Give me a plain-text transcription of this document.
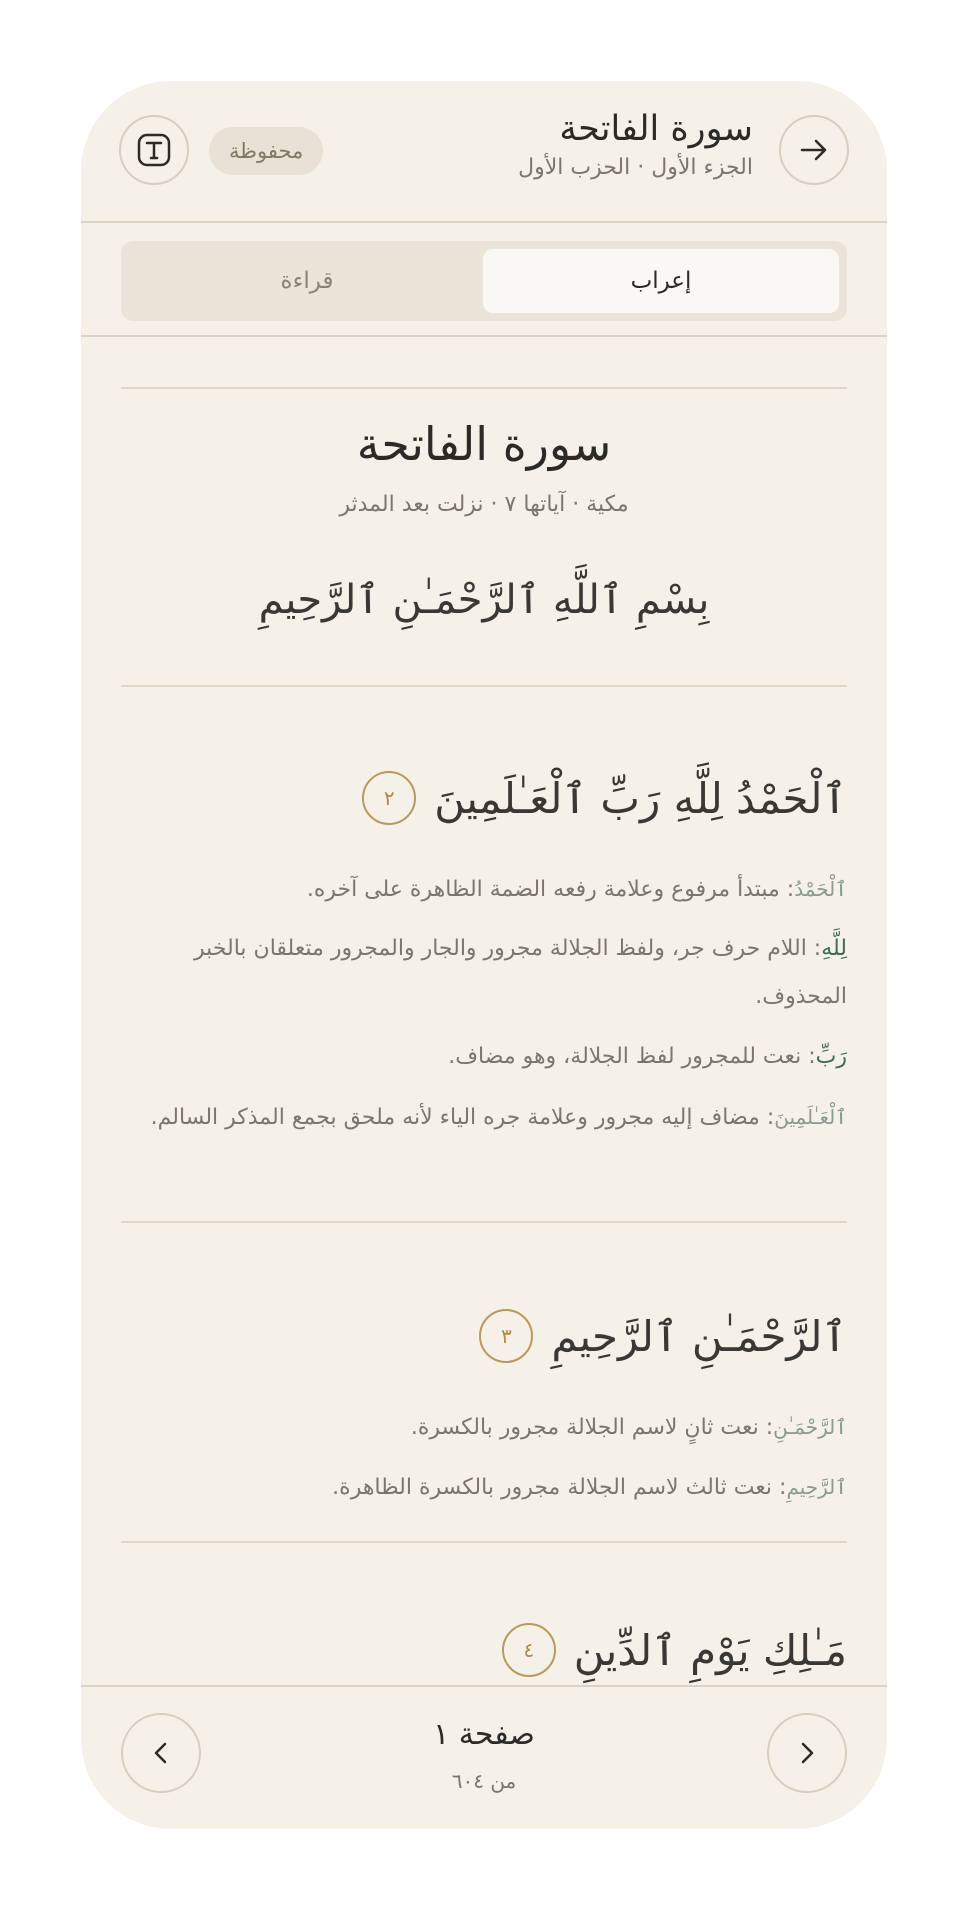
سورة الفاتحة
الجزء الأول · الحزب الأول
محفوظة
إعراب
قراءة
سورة الفاتحة
مكية · آياتها ٧ · نزلت بعد المدثر
بِسْمِ ٱللَّهِ ٱلرَّحْمَـٰنِ ٱلرَّحِيمِ
ٱلْحَمْدُ لِلَّهِ رَبِّ ٱلْعَـٰلَمِينَ
٢
ٱلْحَمْدُ: مبتدأ مرفوع وعلامة رفعه الضمة الظاهرة على آخره.
لِلَّهِ: اللام حرف جر، ولفظ الجلالة مجرور والجار والمجرور متعلقان بالخبر المحذوف.
رَبِّ: نعت للمجرور لفظ الجلالة، وهو مضاف.
ٱلْعَـٰلَمِينَ: مضاف إليه مجرور وعلامة جره الياء لأنه ملحق بجمع المذكر السالم.
ٱلرَّحْمَـٰنِ ٱلرَّحِيمِ
٣
ٱلرَّحْمَـٰنِ: نعت ثانٍ لاسم الجلالة مجرور بالكسرة.
ٱلرَّحِيمِ: نعت ثالث لاسم الجلالة مجرور بالكسرة الظاهرة.
مَـٰلِكِ يَوْمِ ٱلدِّينِ
٤
صفحة ١
من ٦٠٤
